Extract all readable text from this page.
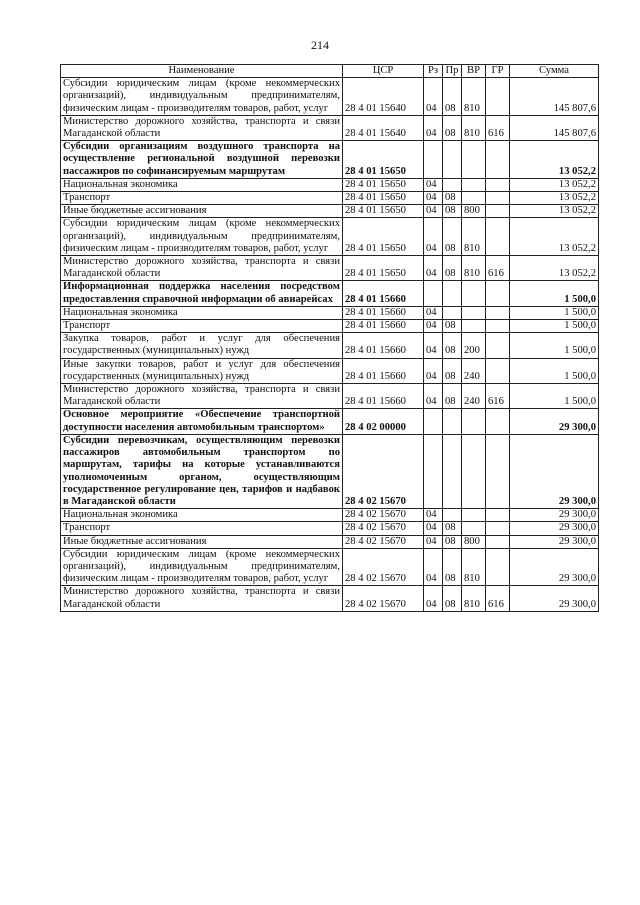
214
Наименование	ЦСР	Рз	Пр	ВР	ГР	Сумма
Субсидии юридическим лицам (кроме некоммерческих организаций), индивидуальным предпринимателям, физическим лицам - производителям товаров, работ, услуг	28 4 01 15640	04	08	810		145 807,6
Министерство дорожного хозяйства, транспорта и связи Магаданской области	28 4 01 15640	04	08	810	616	145 807,6
Субсидии организациям воздушного транспорта на осуществление региональной воздушной перевозки пассажиров по софинансируемым маршрутам	28 4 01 15650					13 052,2
Национальная экономика	28 4 01 15650	04				13 052,2
Транспорт	28 4 01 15650	04	08			13 052,2
Иные бюджетные ассигнования	28 4 01 15650	04	08	800		13 052,2
Субсидии юридическим лицам (кроме некоммерческих организаций), индивидуальным предпринимателям, физическим лицам - производителям товаров, работ, услуг	28 4 01 15650	04	08	810		13 052,2
Министерство дорожного хозяйства, транспорта и связи Магаданской области	28 4 01 15650	04	08	810	616	13 052,2
Информационная поддержка населения посредством предоставления справочной информации об авиарейсах	28 4 01 15660					1 500,0
Национальная экономика	28 4 01 15660	04				1 500,0
Транспорт	28 4 01 15660	04	08			1 500,0
Закупка товаров, работ и услуг для обеспечения государственных (муниципальных) нужд	28 4 01 15660	04	08	200		1 500,0
Иные закупки товаров, работ и услуг для обеспечения государственных (муниципальных) нужд	28 4 01 15660	04	08	240		1 500,0
Министерство дорожного хозяйства, транспорта и связи Магаданской области	28 4 01 15660	04	08	240	616	1 500,0
Основное мероприятие «Обеспечение транспортной доступности населения автомобильным транспортом»	28 4 02 00000					29 300,0
Субсидии перевозчикам, осуществляющим перевозки пассажиров автомобильным транспортом по маршрутам, тарифы на которые устанавливаются уполномоченным органом, осуществляющим государственное регулирование цен, тарифов и надбавок в Магаданской области	28 4 02 15670					29 300,0
Национальная экономика	28 4 02 15670	04				29 300,0
Транспорт	28 4 02 15670	04	08			29 300,0
Иные бюджетные ассигнования	28 4 02 15670	04	08	800		29 300,0
Субсидии юридическим лицам (кроме некоммерческих организаций), индивидуальным предпринимателям, физическим лицам - производителям товаров, работ, услуг	28 4 02 15670	04	08	810		29 300,0
Министерство дорожного хозяйства, транспорта и связи Магаданской области	28 4 02 15670	04	08	810	616	29 300,0
